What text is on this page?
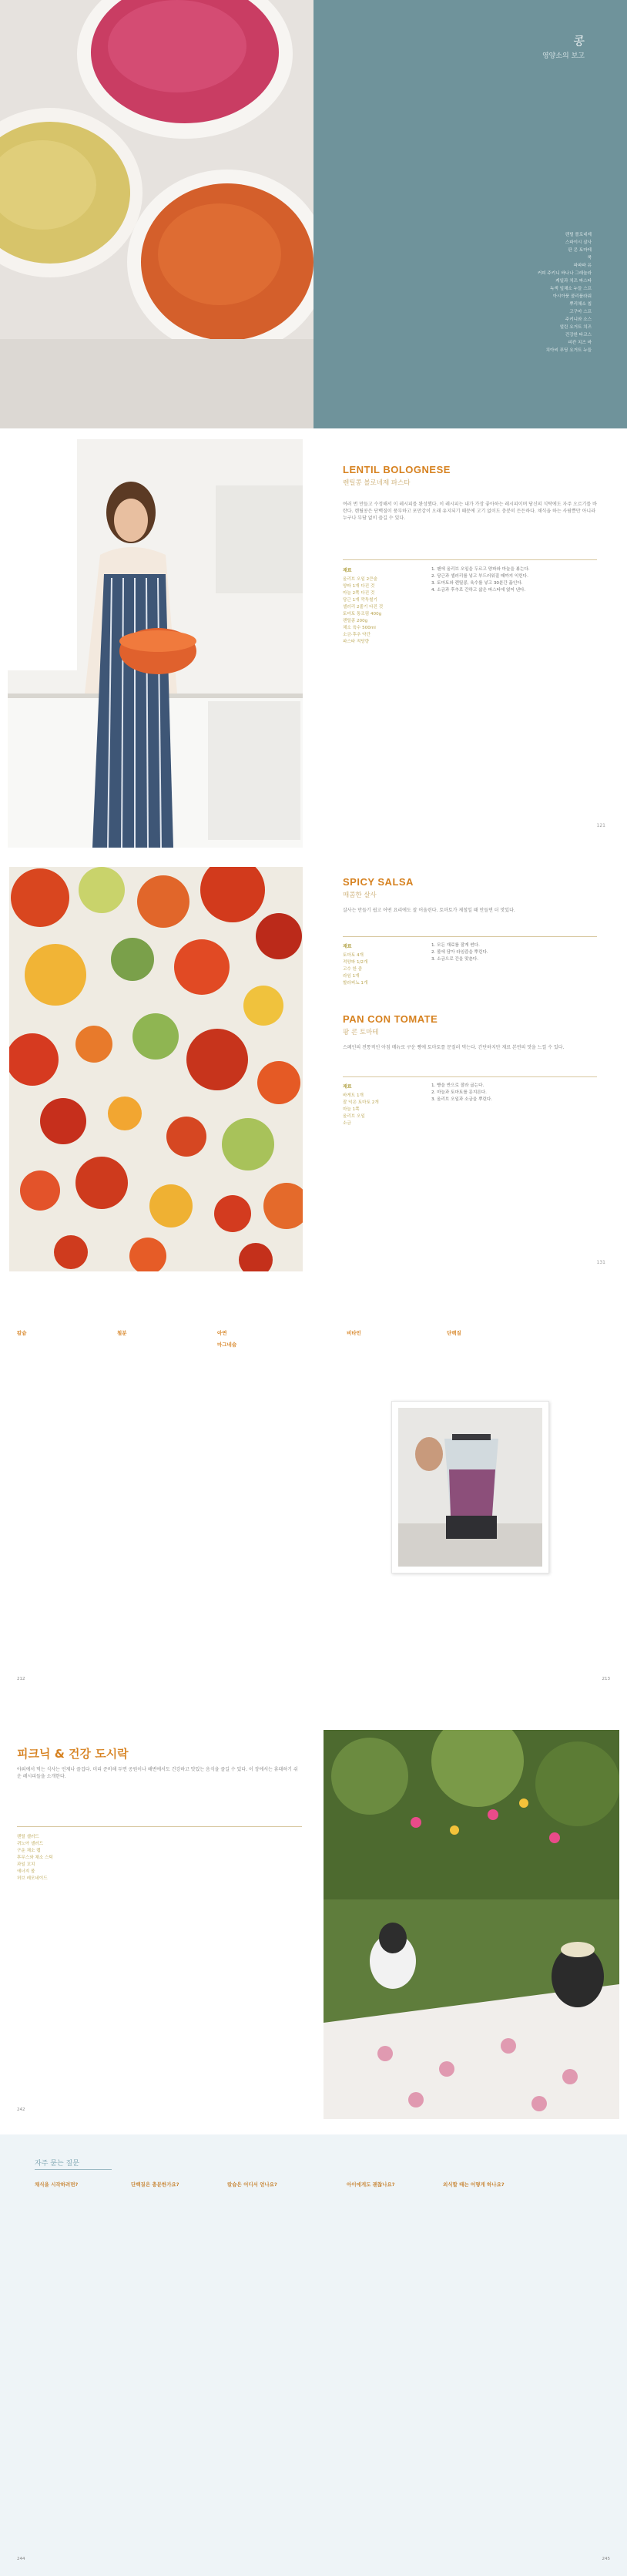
콩
영양소의 보고
렌틸 볼로네제
스파이시 살사
판 콘 토마테
쿡
파파파 유
커피 주키니 바나나 그래놀라
케일과 치즈 파스타
녹색 잎채소 누들 스프
아시아풍 콜리플라워
뿌리채소 칩
고구마 스프
주키니와 소스
얼린 요거트 치즈
건강한 타코스
피칸 치즈 바
치아씨 푸딩 요거트 누들
LENTIL BOLOGNESE
렌틸콩 볼로네제 파스타

여러 번 만들고 수정해서 이 레시피를 완성했다. 이 레시피는 내가 가장 좋아하는 레시피이며 당신의 식탁에도 자주 오르기를 바란다. 렌틸콩은 단백질이 풍부하고 포만감이 오래 유지되기 때문에 고기 없이도 충분히 든든하다. 채식을 하는 사람뿐만 아니라 누구나 부담 없이 즐길 수 있다.

재료
올리브 오일 2큰술
양파 1개 다진 것
마늘 2쪽 다진 것
당근 1개 깍둑썰기
셀러리 2줄기 다진 것
토마토 통조림 400g
렌틸콩 200g
채소 육수 500ml
소금·후추 약간
파스타 적당량

1. 팬에 올리브 오일을 두르고 양파와 마늘을 볶는다.

2. 당근과 셀러리를 넣고 부드러워질 때까지 익힌다.

3. 토마토와 렌틸콩, 육수를 넣고 30분간 끓인다.

4. 소금과 후추로 간하고 삶은 파스타에 얹어 낸다.

121
SPICY SALSA
매콤한 살사

살사는 만들기 쉽고 어떤 요리에도 잘 어울린다. 토마토가 제철일 때 만들면 더 맛있다.

재료
토마토 4개
적양파 1/2개
고수 한 줌
라임 1개
할라피뇨 1개

1. 모든 재료를 잘게 썬다.

2. 볼에 담아 라임즙을 뿌린다.

3. 소금으로 간을 맞춘다.

PAN CON TOMATE
팡 콘 토마테

스페인의 전통적인 아침 메뉴로 구운 빵에 토마토를 문질러 먹는다. 간단하지만 재료 본연의 맛을 느낄 수 있다.

재료
바게트 1개
잘 익은 토마토 2개
마늘 1쪽
올리브 오일
소금

1. 빵을 반으로 잘라 굽는다.

2. 마늘과 토마토를 문지른다.

3. 올리브 오일과 소금을 뿌린다.

131
칼슘	철분	아연
마그네슘
비타민	단백질
212	213
피크닉 & 건강 도시락

야외에서 먹는 식사는 언제나 즐겁다. 미리 준비해 두면 공원이나 해변에서도 건강하고 맛있는 음식을 즐길 수 있다. 이 장에서는 휴대하기 쉬운 레시피들을 소개한다.

렌틸 샐러드
퀴노아 샐러드
구운 채소 랩
후무스와 채소 스틱
과일 꼬치
에너지 볼
허브 레모네이드
242
자주 묻는 질문
채식을 시작하려면?	단백질은 충분한가요?	칼슘은 어디서 얻나요?	아이에게도 괜찮나요?	외식할 때는 어떻게 하나요?
244	245
